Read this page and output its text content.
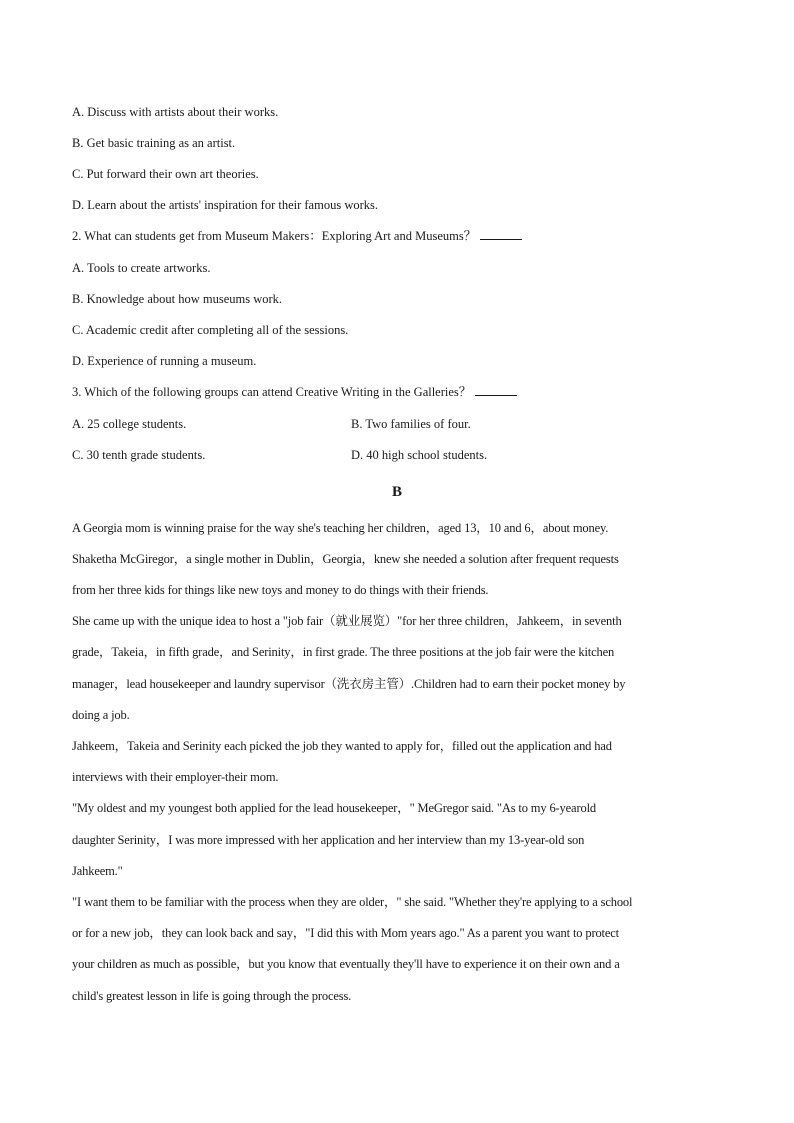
A. Discuss with artists about their works.
B. Get basic training as an artist.
C. Put forward their own art theories.
D. Learn about the artists' inspiration for their famous works.
2. What can students get from Museum Makers：Exploring Art and Museums？
A. Tools to create artworks.
B. Knowledge about how museums work.
C. Academic credit after completing all of the sessions.
D. Experience of running a museum.
3. Which of the following groups can attend Creative Writing in the Galleries？
A. 25 college students.	B. Two families of four.
C. 30 tenth grade students.	D. 40 high school students.
B
A Georgia mom is winning praise for the way she's teaching her children，aged 13，10 and 6，about money.
Shaketha McGiregor，a single mother in Dublin，Georgia，knew she needed a solution after frequent requests
from her three kids for things like new toys and money to do things with their friends.
She came up with the unique idea to host a "job fair（就业展览）"for her three children，Jahkeem，in seventh
grade，Takeia，in fifth grade，and Serinity，in first grade. The three positions at the job fair were the kitchen
manager，lead housekeeper and laundry supervisor（洗衣房主管）.Children had to earn their pocket money by
doing a job.
Jahkeem，Takeia and Serinity each picked the job they wanted to apply for，filled out the application and had
interviews with their employer-their mom.
"My oldest and my youngest both applied for the lead housekeeper，" MeGregor said. "As to my 6-yearold
daughter Serinity，I was more impressed with her application and her interview than my 13-year-old son
Jahkeem."
"I want them to be familiar with the process when they are older，" she said. "Whether they're applying to a school
or for a new job，they can look back and say，"I did this with Mom years ago." As a parent you want to protect
your children as much as possible，but you know that eventually they'll have to experience it on their own and a
child's greatest lesson in life is going through the process.
